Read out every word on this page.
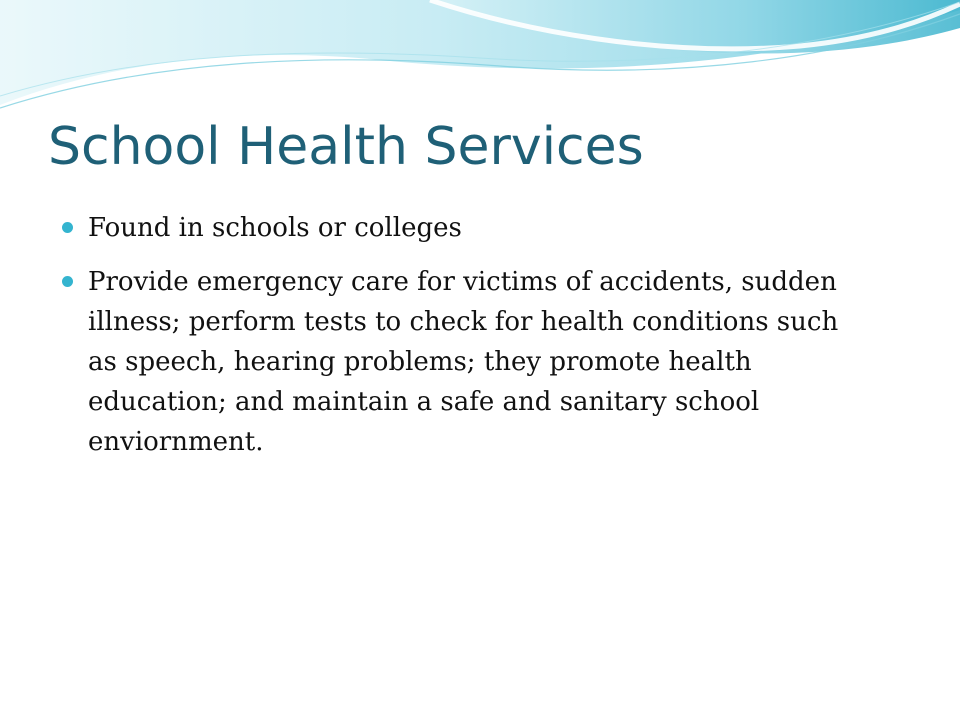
School Health Services
Found in schools or colleges
Provide emergency care for victims of accidents, sudden illness; perform tests to check for health conditions such as speech, hearing problems; they promote health education; and maintain a safe and sanitary school enviornment.
